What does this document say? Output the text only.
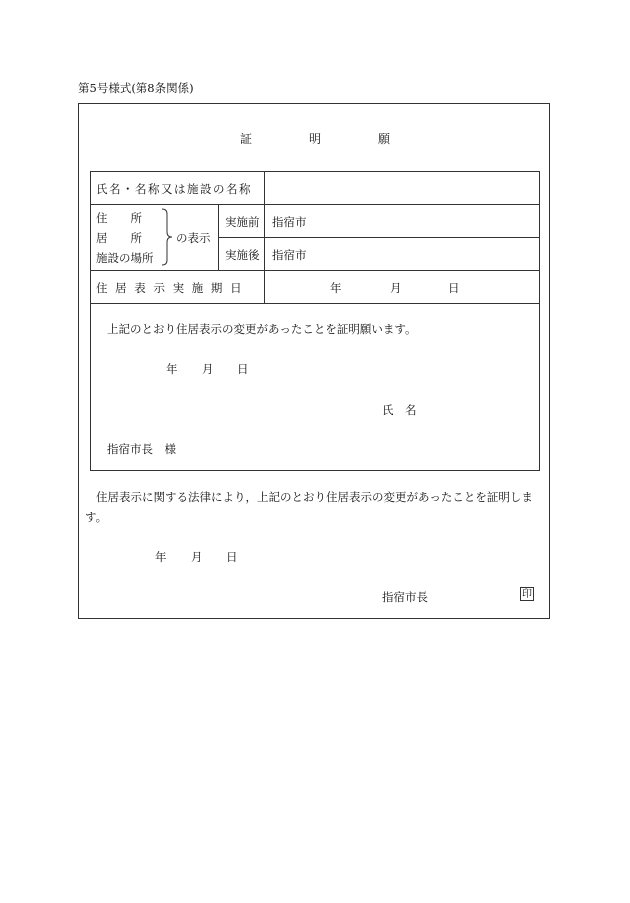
第5号様式(第8条関係)
証	明	願
氏名・名称又は施設の名称
住　　所
居　　所
施設の場所
の表示
実施前 指宿市
実施後 指宿市
住 居 表 示 実 施 期 日	年	月	日
上記のとおり住居表示の変更があったことを証明願います。
年 月 日
氏　名
指宿市長　様
住居表示に関する法律により，上記のとおり住居表示の変更があったことを証明しま
す。
年 月 日
指宿市長	印
